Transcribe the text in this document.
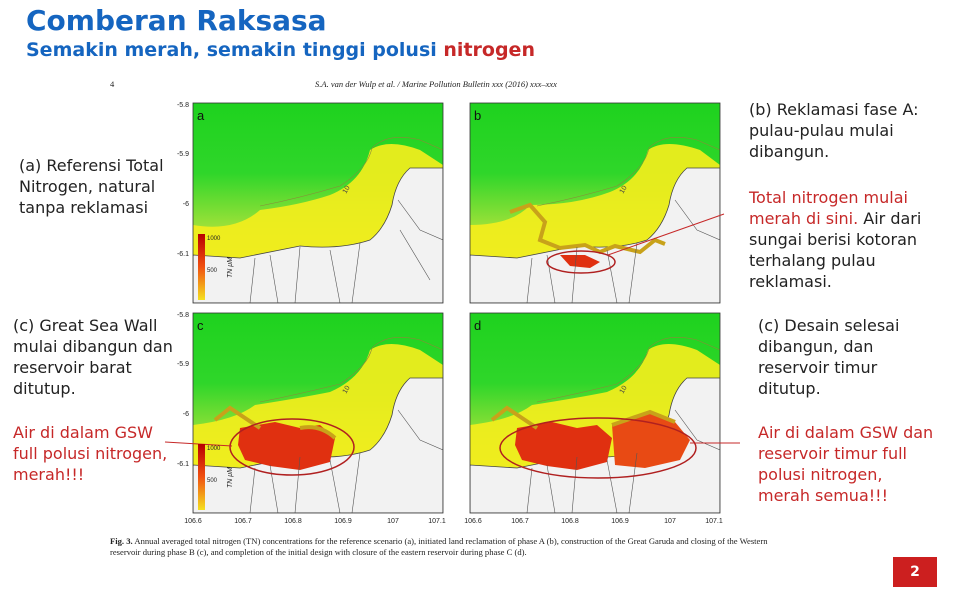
Comberan Raksasa
Semakin merah, semakin tinggi polusi nitrogen
4	S.A. van der Wulp et al. / Marine Pollution Bulletin xxx (2016) xxx–xxx
a	b
c	d
10	10
10	10
-5.8
-5.9
-6
-6.1
-5.8
-5.9
-6
-6.1
1000
500 TN μM
1000
500 TN μM
106.6	106.7	106.8	106.9	107	107.1	106.6	106.7	106.8	106.9	107	107.1
(a) Referensi Total Nitrogen, natural tanpa reklamasi
(b) Reklamasi fase A: pulau-pulau mulai dibangun.
Total nitrogen mulai merah di sini. Air dari sungai berisi kotoran terhalang pulau reklamasi.
(c) Great Sea Wall mulai dibangun dan reservoir barat ditutup.
Air di dalam GSW full polusi nitrogen, merah!!!
(c) Desain selesai dibangun, dan reservoir timur ditutup.
Air di dalam GSW dan reservoir timur full polusi nitrogen, merah semua!!!
Fig. 3. Annual averaged total nitrogen (TN) concentrations for the reference scenario (a), initiated land reclamation of phase A (b), construction of the Great Garuda and closing of the Western reservoir during phase B (c), and completion of the initial design with closure of the eastern reservoir during phase C (d).
2
